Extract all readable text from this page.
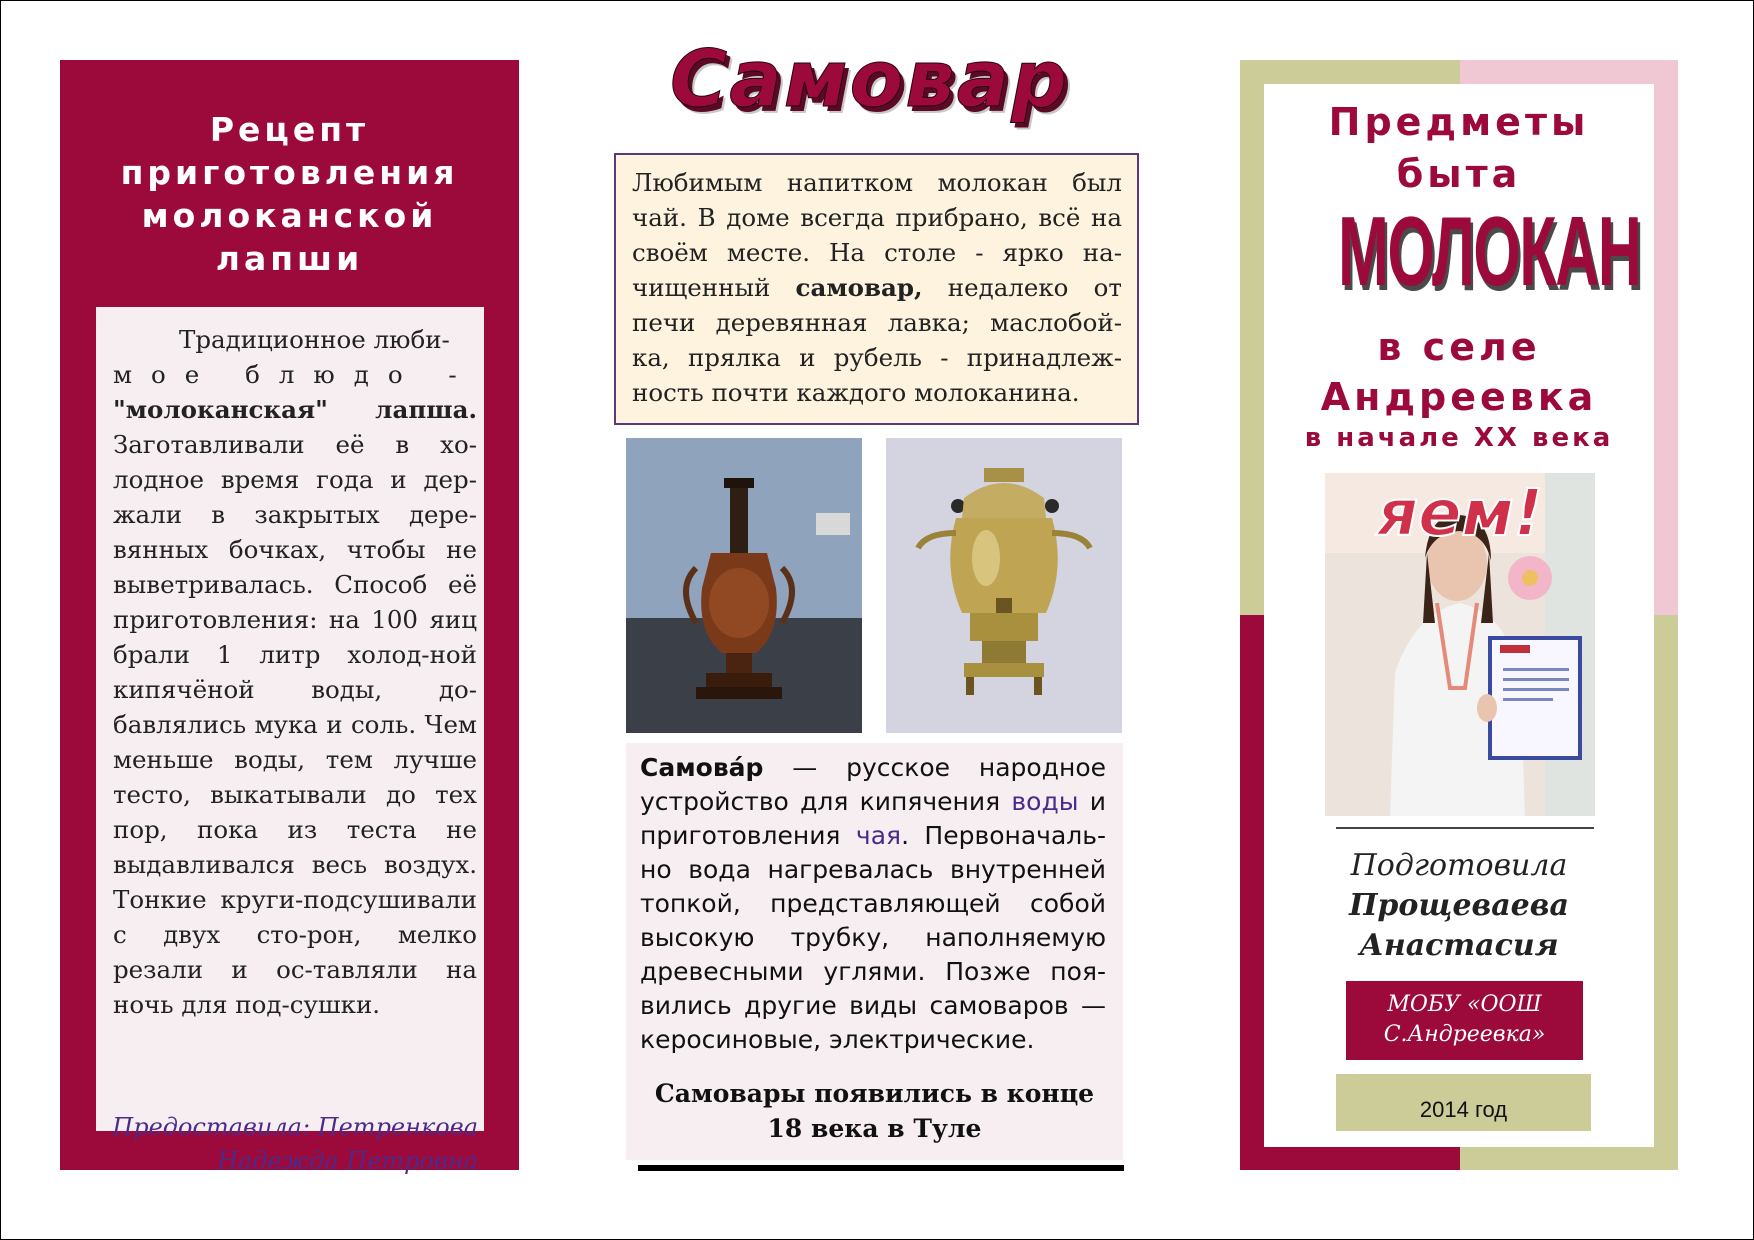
Рецепт
приготовления
молоканской
лапши

Традиционное люби-

мое блюдо -

"молоканская" лапша. Заготавливали её в хо-лодное время года и дер-жали в закрытых дере-вянных бочках, чтобы не выветривалась. Способ её приготовления: на 100 яиц брали 1 литр холод-ной кипячёной воды, до-бавлялись мука и соль. Чем меньше воды, тем лучше тесто, выкатывали до тех пор, пока из теста не выдавливался весь воздух. Тонкие круги-подсушивали с двух сто-рон, мелко резали и ос-тавляли на ночь для под-сушки.

Предоставила: Петренкова
Надежда Петровна
Самовар
Любимым напитком молокан был чай. В доме всегда прибрано, всё на своём месте. На столе - ярко на-чищенный самовар, недалеко от печи деревянная лавка; маслобой-ка, прялка и рубель - принадлеж-ность почти каждого молоканина.
Самова́р — русское народное устройство для кипячения воды и приготовления чая. Первоначаль-но вода нагревалась внутренней топкой, представляющей собой высокую трубку, наполняемую древесными углями. Позже поя-вились другие виды самоваров — керосиновые, электрические.
Самовары появились в конце
18 века в Туле
Предметы
быта
МОЛОКАН
в селе
Андреевка
в начале ХХ века
яем!
Подготовила
Прощеваева
Анастасия
МОБУ «ООШ
С.Андреевка»
2014 год
